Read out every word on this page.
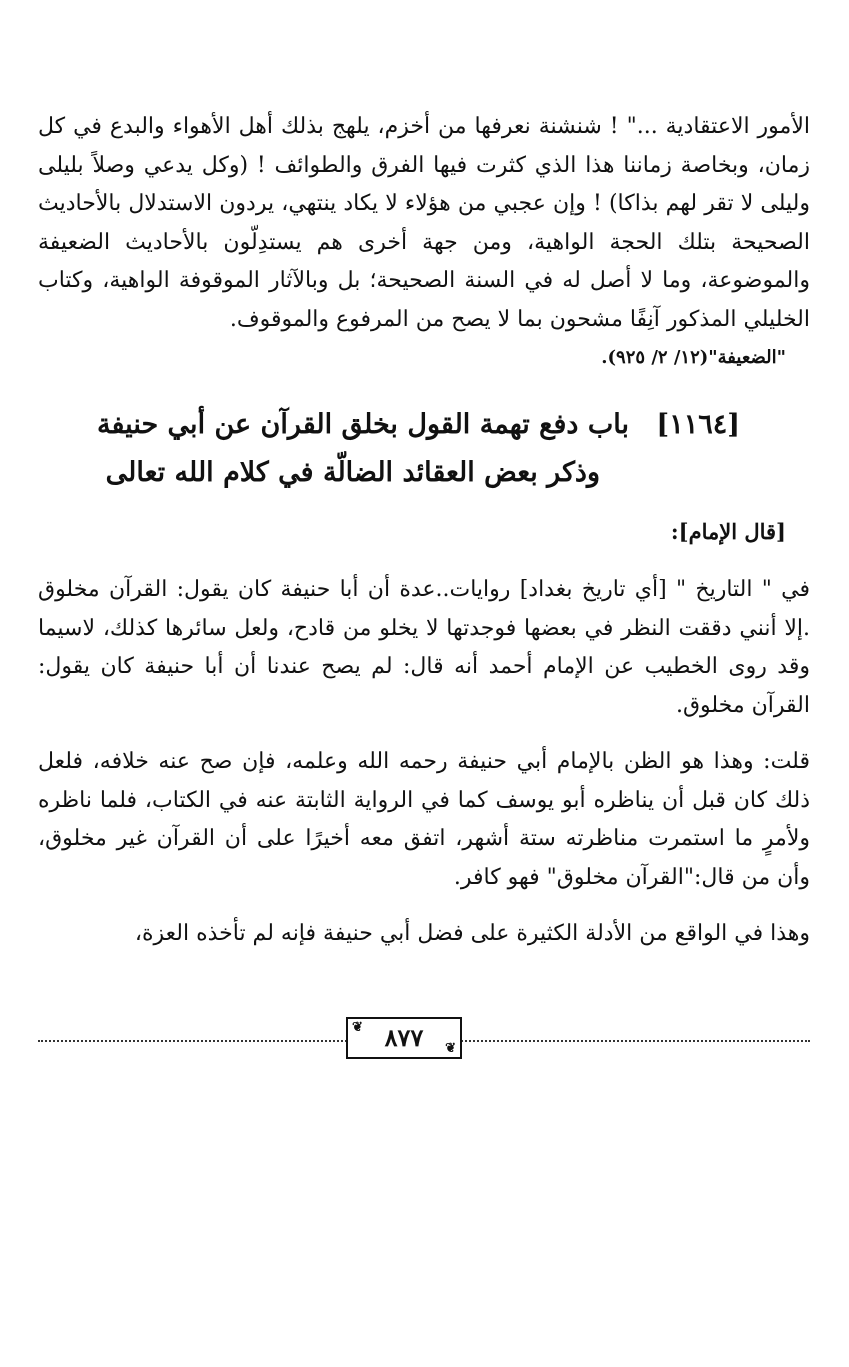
الأمور الاعتقادية ..." ! شنشنة نعرفها من أخزم، يلهج بذلك أهل الأهواء والبدع في كل زمان، وبخاصة زماننا هذا الذي كثرت فيها الفرق والطوائف ! (وكل يدعي وصلاً بليلى وليلى لا تقر لهم بذاكا) ! وإن عجبي من هؤلاء لا يكاد ينتهي، يردون الاستدلال بالأحاديث الصحيحة بتلك الحجة الواهية، ومن جهة أخرى هم يستدِلّون بالأحاديث الضعيفة والموضوعة، وما لا أصل له في السنة الصحيحة؛ بل وبالآثار الموقوفة الواهية، وكتاب الخليلي المذكور آنِفًا مشحون بما لا يصح من المرفوع والموقوف.

"الضعيفة"(١٢/ ٢/ ٩٢٥).
[١١٦٤] باب دفع تهمة القول بخلق القرآن عن أبي حنيفة
وذكر بعض العقائد الضالّة في كلام الله تعالى
[قال الإمام]:

في " التاريخ " [أي تاريخ بغداد] روايات..عدة أن أبا حنيفة كان يقول: القرآن مخلوق .إلا أنني دققت النظر في بعضها فوجدتها لا يخلو من قادح، ولعل سائرها كذلك، لاسيما وقد روى الخطيب عن الإمام أحمد أنه قال: لم يصح عندنا أن أبا حنيفة كان يقول: القرآن مخلوق.

قلت: وهذا هو الظن بالإمام أبي حنيفة رحمه الله وعلمه، فإن صح عنه خلافه، فلعل ذلك كان قبل أن يناظره أبو يوسف كما في الرواية الثابتة عنه في الكتاب، فلما ناظره ولأمرٍ ما استمرت مناظرته ستة أشهر، اتفق معه أخيرًا على أن القرآن غير مخلوق، وأن من قال:"القرآن مخلوق" فهو كافر.

وهذا في الواقع من الأدلة الكثيرة على فضل أبي حنيفة فإنه لم تأخذه العزة،

❦ ٨٧٧ ❦
